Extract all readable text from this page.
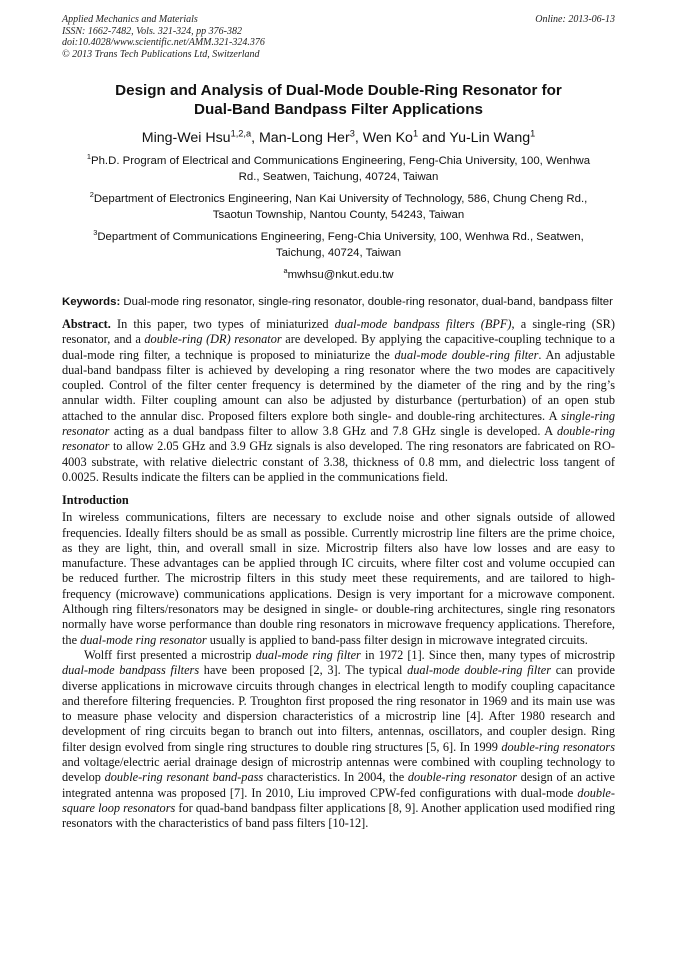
Applied Mechanics and Materials
ISSN: 1662-7482, Vols. 321-324, pp 376-382
doi:10.4028/www.scientific.net/AMM.321-324.376
© 2013 Trans Tech Publications Ltd, Switzerland
Online: 2013-06-13
Design and Analysis of Dual-Mode Double-Ring Resonator for
Dual-Band Bandpass Filter Applications
Ming-Wei Hsu$^{1,2,a}$, Man-Long Her$^3$, Wen Ko$^1$ and Yu-Lin Wang$^1$
$^1$Ph.D. Program of Electrical and Communications Engineering, Feng-Chia University, 100, Wenhwa
Rd., Seatwen, Taichung, 40724, Taiwan
$^2$Department of Electronics Engineering, Nan Kai University of Technology, 586, Chung Cheng Rd.,
Tsaotun Township, Nantou County, 54243, Taiwan
$^3$Department of Communications Engineering, Feng-Chia University, 100, Wenhwa Rd., Seatwen,
Taichung, 40724, Taiwan
$^a$mwhsu@nkut.edu.tw
Keywords: Dual-mode ring resonator, single-ring resonator, double-ring resonator, dual-band, bandpass filter
Abstract. In this paper, two types of miniaturized dual-mode bandpass filters (BPF), a single-ring (SR) resonator, and a double-ring (DR) resonator are developed. By applying the capacitive-coupling technique to a dual-mode ring filter, a technique is proposed to miniaturize the dual-mode double-ring filter. An adjustable dual-band bandpass filter is achieved by developing a ring resonator where the two modes are capacitively coupled. Control of the filter center frequency is determined by the diameter of the ring and by the ring’s annular width. Filter coupling amount can also be adjusted by disturbance (perturbation) of an open stub attached to the annular disc. Proposed filters explore both single- and double-ring architectures. A single-ring resonator acting as a dual bandpass filter to allow 3.8 GHz and 7.8 GHz single is developed. A double-ring resonator to allow 2.05 GHz and 3.9 GHz signals is also developed. The ring resonators are fabricated on RO-4003 substrate, with relative dielectric constant of 3.38, thickness of 0.8 mm, and dielectric loss tangent of 0.0025. Results indicate the filters can be applied in the communications field.
Introduction
In wireless communications, filters are necessary to exclude noise and other signals outside of allowed frequencies. Ideally filters should be as small as possible. Currently microstrip line filters are the prime choice, as they are light, thin, and overall small in size. Microstrip filters also have low losses and are easy to manufacture. These advantages can be applied through IC circuits, where filter cost and volume occupied can be reduced further. The microstrip filters in this study meet these requirements, and are tailored to high-frequency (microwave) communications applications. Design is very important for a microwave component. Although ring filters/resonators may be designed in single- or double-ring architectures, single ring resonators normally have worse performance than double ring resonators in microwave frequency applications. Therefore, the dual-mode ring resonator usually is applied to band-pass filter design in microwave integrated circuits.
Wolff first presented a microstrip dual-mode ring filter in 1972 [1]. Since then, many types of microstrip dual-mode bandpass filters have been proposed [2, 3]. The typical dual-mode double-ring filter can provide diverse applications in microwave circuits through changes in electrical length to modify coupling capacitance and therefore filtering frequencies. P. Troughton first proposed the ring resonator in 1969 and its main use was to measure phase velocity and dispersion characteristics of a microstrip line [4]. After 1980 research and development of ring circuits began to branch out into filters, antennas, oscillators, and coupler design. Ring filter design evolved from single ring structures to double ring structures [5, 6]. In 1999 double-ring resonators and voltage/electric aerial drainage design of microstrip antennas were combined with coupling technology to develop double-ring resonant band-pass characteristics. In 2004, the double-ring resonator design of an active integrated antenna was proposed [7]. In 2010, Liu improved CPW-fed configurations with dual-mode double-square loop resonators for quad-band bandpass filter applications [8, 9]. Another application used modified ring resonators with the characteristics of band pass filters [10-12].
